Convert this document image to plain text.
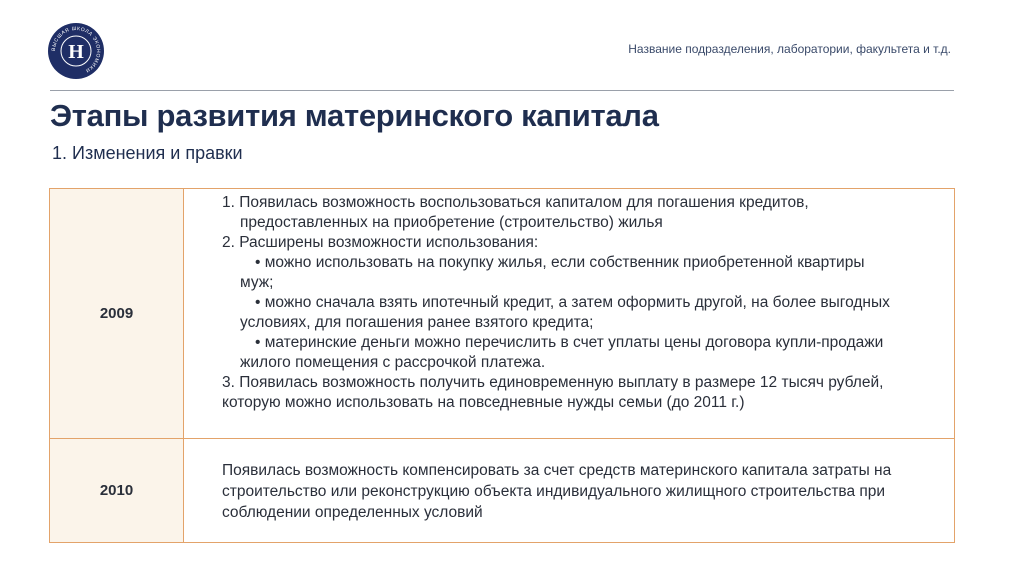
ВЫСШАЯ ШКОЛА ЭКОНОМИКИ
Н	Название подразделения, лаборатории, факультета и т.д.
Этапы развития материнского капитала
1. Изменения и правки
2009
1. Появилась возможность воспользоваться капиталом для погашения кредитов,
предоставленных на приобретение (строительство) жилья
2. Расширены возможности использования:
• можно использовать на покупку жилья, если собственник приобретенной квартиры
муж;
• можно сначала взять ипотечный кредит, а затем оформить другой, на более выгодных
условиях, для погашения ранее взятого кредита;
• материнские деньги можно перечислить в счет уплаты цены договора купли-продажи
жилого помещения с рассрочкой платежа.
3. Появилась возможность получить единовременную выплату в размере 12 тысяч рублей,
которую можно использовать на повседневные нужды семьи (до 2011 г.)
2010
Появилась возможность компенсировать за счет средств материнского капитала затраты на
строительство или реконструкцию объекта индивидуального жилищного строительства при
соблюдении определенных условий
